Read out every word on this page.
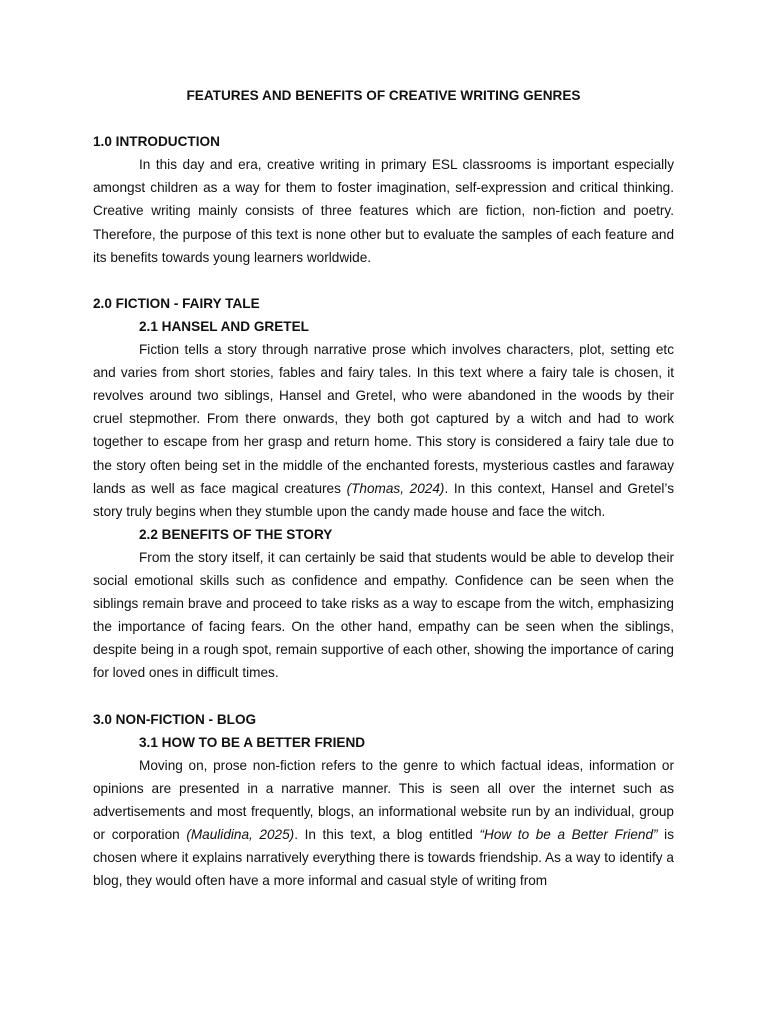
FEATURES AND BENEFITS OF CREATIVE WRITING GENRES
1.0 INTRODUCTION

In this day and era, creative writing in primary ESL classrooms is important especially amongst children as a way for them to foster imagination, self-expression and critical thinking. Creative writing mainly consists of three features which are fiction, non-fiction and poetry. Therefore, the purpose of this text is none other but to evaluate the samples of each feature and its benefits towards young learners worldwide.

2.0 FICTION - FAIRY TALE
2.1 HANSEL AND GRETEL

Fiction tells a story through narrative prose which involves characters, plot, setting etc and varies from short stories, fables and fairy tales. In this text where a fairy tale is chosen, it revolves around two siblings, Hansel and Gretel, who were abandoned in the woods by their cruel stepmother. From there onwards, they both got captured by a witch and had to work together to escape from her grasp and return home. This story is considered a fairy tale due to the story often being set in the middle of the enchanted forests, mysterious castles and faraway lands as well as face magical creatures (Thomas, 2024). In this context, Hansel and Gretel’s story truly begins when they stumble upon the candy made house and face the witch.

2.2 BENEFITS OF THE STORY

From the story itself, it can certainly be said that students would be able to develop their social emotional skills such as confidence and empathy. Confidence can be seen when the siblings remain brave and proceed to take risks as a way to escape from the witch, emphasizing the importance of facing fears. On the other hand, empathy can be seen when the siblings, despite being in a rough spot, remain supportive of each other, showing the importance of caring for loved ones in difficult times.

3.0 NON-FICTION - BLOG
3.1 HOW TO BE A BETTER FRIEND

Moving on, prose non-fiction refers to the genre to which factual ideas, information or opinions are presented in a narrative manner. This is seen all over the internet such as advertisements and most frequently, blogs, an informational website run by an individual, group or corporation (Maulidina, 2025). In this text, a blog entitled “How to be a Better Friend” is chosen where it explains narratively everything there is towards friendship. As a way to identify a blog, they would often have a more informal and casual style of writing from
